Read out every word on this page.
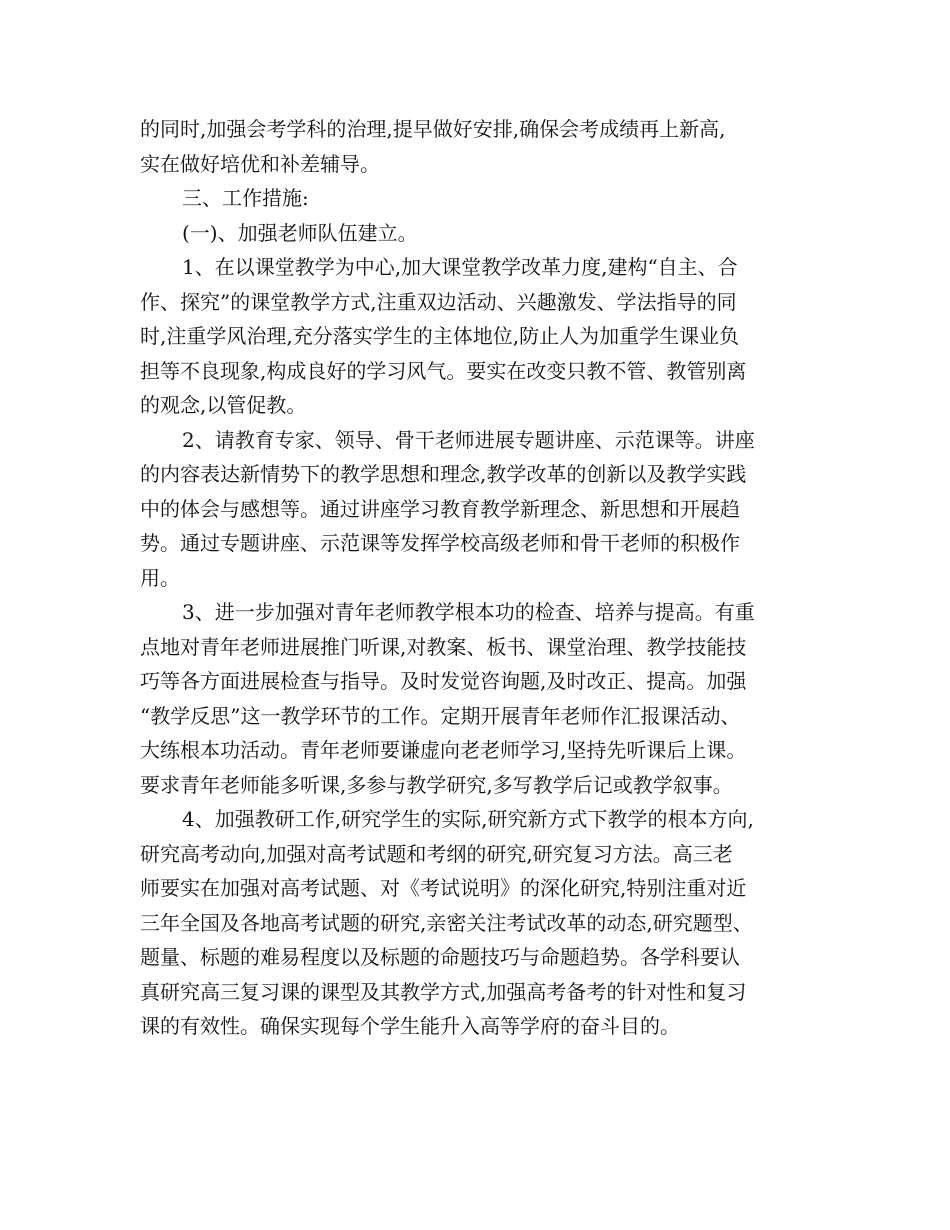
的同时,加强会考学科的治理,提早做好安排,确保会考成绩再上新高,
实在做好培优和补差辅导。
三、工作措施:
(一)、加强老师队伍建立。
1、在以课堂教学为中心,加大课堂教学改革力度,建构“自主、合
作、探究”的课堂教学方式,注重双边活动、兴趣激发、学法指导的同
时,注重学风治理,充分落实学生的主体地位,防止人为加重学生课业负
担等不良现象,构成良好的学习风气。要实在改变只教不管、教管别离
的观念,以管促教。
2、请教育专家、领导、骨干老师进展专题讲座、示范课等。讲座
的内容表达新情势下的教学思想和理念,教学改革的创新以及教学实践
中的体会与感想等。通过讲座学习教育教学新理念、新思想和开展趋
势。通过专题讲座、示范课等发挥学校高级老师和骨干老师的积极作
用。
3、进一步加强对青年老师教学根本功的检查、培养与提高。有重
点地对青年老师进展推门听课,对教案、板书、课堂治理、教学技能技
巧等各方面进展检查与指导。及时发觉咨询题,及时改正、提高。加强
“教学反思”这一教学环节的工作。定期开展青年老师作汇报课活动、
大练根本功活动。青年老师要谦虚向老老师学习,坚持先听课后上课。
要求青年老师能多听课,多参与教学研究,多写教学后记或教学叙事。
4、加强教研工作,研究学生的实际,研究新方式下教学的根本方向,
研究高考动向,加强对高考试题和考纲的研究,研究复习方法。高三老
师要实在加强对高考试题、对《考试说明》的深化研究,特别注重对近
三年全国及各地高考试题的研究,亲密关注考试改革的动态,研究题型、
题量、标题的难易程度以及标题的命题技巧与命题趋势。各学科要认
真研究高三复习课的课型及其教学方式,加强高考备考的针对性和复习
课的有效性。确保实现每个学生能升入高等学府的奋斗目的。
